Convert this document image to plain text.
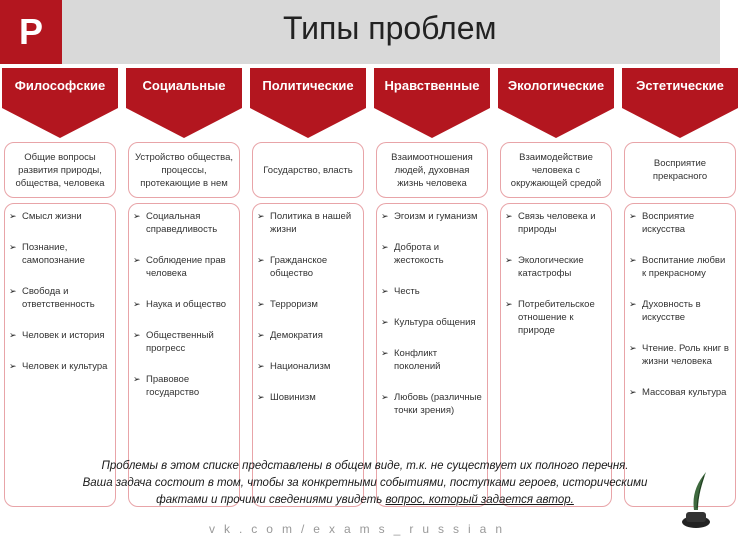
P	Типы проблем
Философские
Общие вопросы развития природы, общества, человека
➢ Смысл жизни
➢ Познание, самопознание
➢ Свобода и ответственность
➢ Человек и история
➢ Человек и культура
Социальные
Устройство общества, процессы, протекающие в нем
➢ Социальная справедливость
➢ Соблюдение прав человека
➢ Наука и общество
➢ Общественный прогресс
➢ Правовое государство
Политические
Государство, власть
➢ Политика в нашей жизни
➢ Гражданское общество
➢ Терроризм
➢ Демократия
➢ Национализм
➢ Шовинизм
Нравственные
Взаимоотношения людей, духовная жизнь человека
➢ Эгоизм и гуманизм
➢ Доброта и жестокость
➢ Честь
➢ Культура общения
➢ Конфликт поколений
➢ Любовь (различные точки зрения)
Экологические
Взаимодействие человека с окружающей средой
➢ Связь человека и природы
➢ Экологические катастрофы
➢ Потребительское отношение к природе
Эстетические
Восприятие прекрасного
➢ Восприятие искусства
➢ Воспитание любви к прекрасному
➢ Духовность в искусстве
➢ Чтение. Роль книг в жизни человека
➢ Массовая культура
Проблемы в этом списке представлены в общем виде, т.к. не существует их полного перечня.
Ваша задача состоит в том, чтобы за конкретными событиями, поступками героев, историческими
фактами и прочими сведениями увидеть вопрос, который задается автор.
vk.com/exams_russian
